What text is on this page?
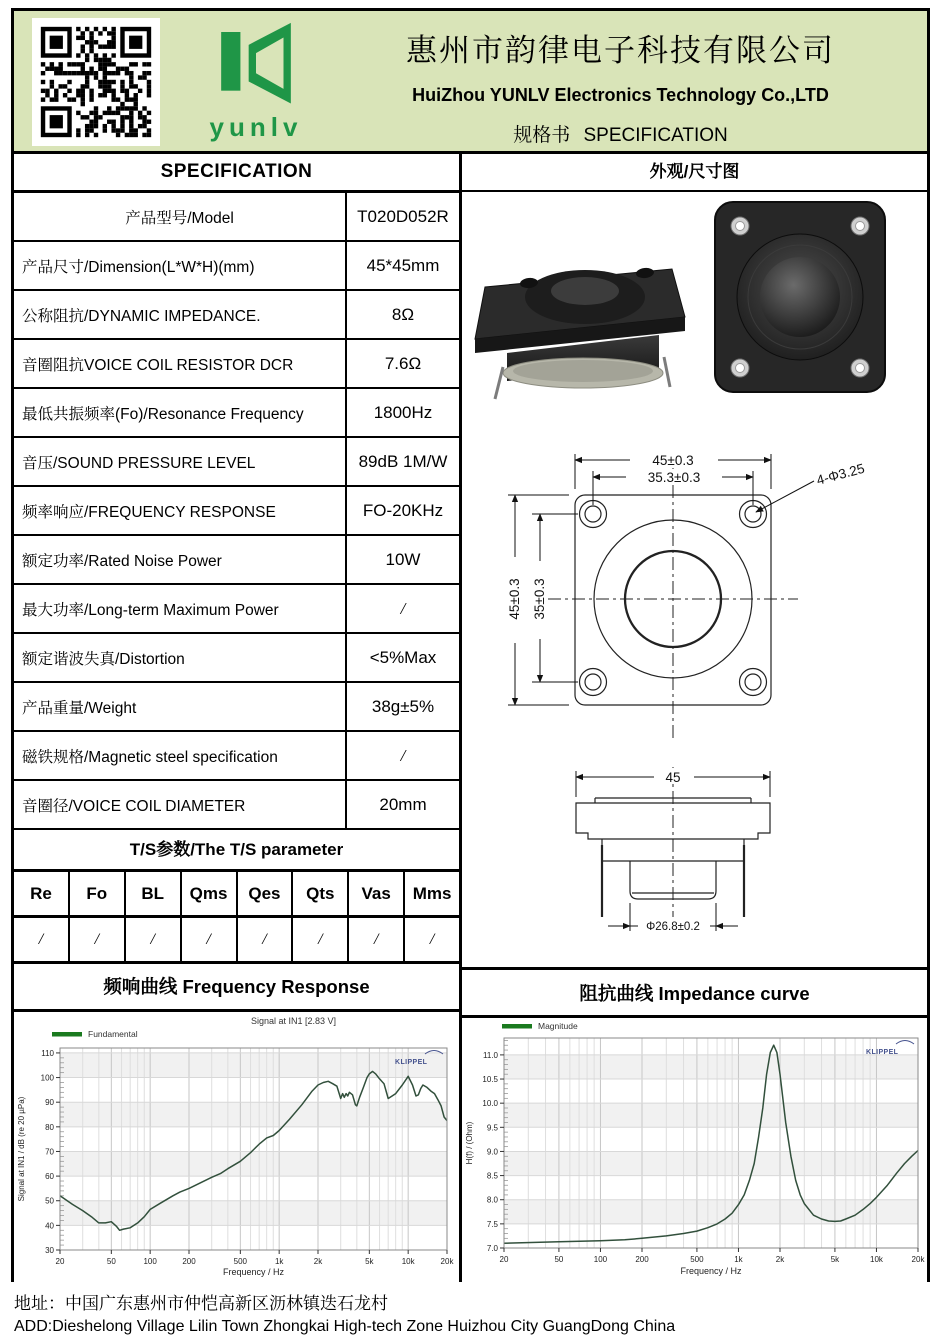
yunlv
惠州市韵律电子科技有限公司
HuiZhou YUNLV Electronics Technology Co.,LTD
规格书 SPECIFICATION
SPECIFICATION
产品型号/Model	T020D052R
产品尺寸/Dimension(L*W*H)(mm)	45*45mm
公称阻抗/DYNAMIC IMPEDANCE.	8Ω
音圈阻抗VOICE COIL RESISTOR DCR	7.6Ω
最低共振频率(Fo)/Resonance Frequency	1800Hz
音压/SOUND PRESSURE LEVEL	89dB 1M/W
频率响应/FREQUENCY RESPONSE	FO-20KHz
额定功率/Rated Noise Power	10W
最大功率/Long-term Maximum Power	/
额定谐波失真/Distortion	<5%Max
产品重量/Weight	38g±5%
磁铁规格/Magnetic steel specification	/
音圈径/VOICE COIL DIAMETER	20mm
T/S参数/The T/S parameter
Re	Fo	BL	Qms	Qes	Qts	Vas	Mms
/	/	/	/	/	/	/	/
频响曲线 Frequency Response
20	50	100	200	500	1k	2k	5k	10k	20k
30
40
50
60
70
80
90
100
110
Signal at IN1 [2.83 V]
Fundamental
Frequency / Hz
Signal at IN1 / dB (re 20 µPa)
KLIPPEL
外观/尺寸图
45±0.3
35.3±0.3
45±0.3 35±0.3
4-Φ3.25
45
Φ26.8±0.2
阻抗曲线 Impedance curve
20	50	100	200	500	1k	2k	5k	10k	20k
7.0
7.5
8.0
8.5
9.0
9.5
10.0
10.5
11.0
Magnitude
Frequency / Hz
H(f) / (Ohm)
KLIPPEL
地址：中国广东惠州市仲恺高新区沥林镇迭石龙村
ADD:Dieshelong Village Lilin Town Zhongkai High-tech Zone Huizhou City GuangDong China
